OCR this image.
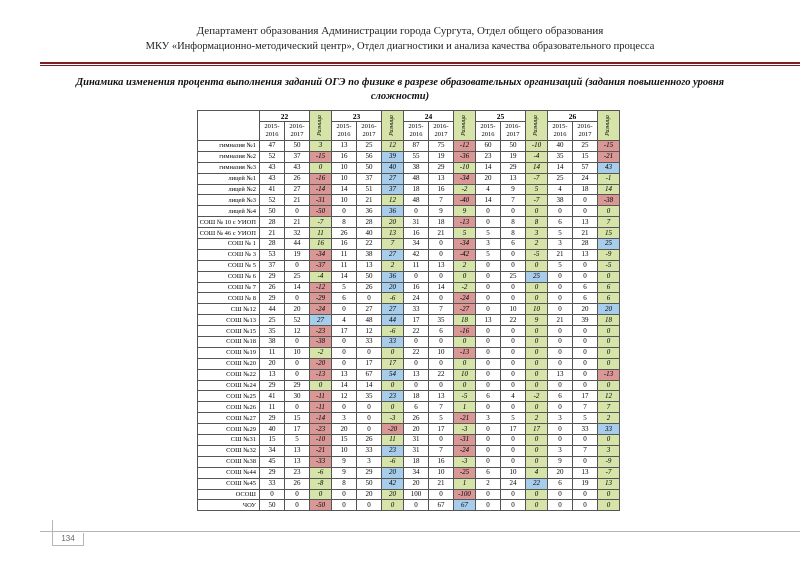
Департамент образования Администрации города Сургута, Отдел общего образования
МКУ «Информационно-методический центр», Отдел диагностики и анализа качества образовательного процесса
Динамика изменения процента выполнения заданий ОГЭ по физике в разрезе образовательных организаций (задания повышенного уровня сложности)
	22		Разница	23		Разница	24		Разница	25		Разница	26		Разница
	2015-2016	2016-2017		2015-2016	2016-2017		2015-2016	2016-2017		2015-2016	2016-2017		2015-2016	2016-2017	
гимназия №1	47	50	3	13	25	12	87	75	-12	60	50	-10	40	25	-15
гимназия №2	52	37	-15	16	56	39	55	19	-36	23	19	-4	35	15	-21
гимназия №3	43	43	0	10	50	40	38	29	-10	14	29	14	14	57	43
лицей №1	43	26	-16	10	37	27	48	13	-34	20	13	-7	25	24	-1
лицей №2	41	27	-14	14	51	37	18	16	-2	4	9	5	4	18	14
лицей №3	52	21	-31	10	21	12	48	7	-40	14	7	-7	38	0	-38
лицей №4	50	0	-50	0	36	36	0	9	9	0	0	0	0	0	0
СОШ № 10 с УИОП	28	21	-7	8	28	20	31	18	-13	0	8	8	6	13	7
СОШ № 46 с УИОП	21	32	11	26	40	13	16	21	5	5	8	3	5	21	15
СОШ № 1	28	44	16	16	22	7	34	0	-34	3	6	2	3	28	25
СОШ № 3	53	19	-34	11	38	27	42	0	-42	5	0	-5	21	13	-9
СОШ № 5	37	0	-37	11	13	2	11	13	2	0	0	0	5	0	-5
СОШ № 6	29	25	-4	14	50	36	0	0	0	0	25	25	0	0	0
СОШ № 7	26	14	-12	5	26	20	16	14	-2	0	0	0	0	6	6
СОШ № 8	29	0	-29	6	0	-6	24	0	-24	0	0	0	0	6	6
СШ №12	44	20	-24	0	27	27	33	7	-27	0	10	10	0	20	20
СОШ №13	25	52	27	4	48	44	17	35	18	13	22	9	21	39	18
СОШ №15	35	12	-23	17	12	-6	22	6	-16	0	0	0	0	0	0
СОШ №18	38	0	-38	0	33	33	0	0	0	0	0	0	0	0	0
СОШ №19	11	10	-2	0	0	0	22	10	-13	0	0	0	0	0	0
СОШ №20	20	0	-20	0	17	17	0	0	0	0	0	0	0	0	0
СОШ №22	13	0	-13	13	67	54	13	22	10	0	0	0	13	0	-13
СОШ №24	29	29	0	14	14	0	0	0	0	0	0	0	0	0	0
СОШ №25	41	30	-11	12	35	23	18	13	-5	6	4	-2	6	17	12
СОШ №26	11	0	-11	0	0	0	6	7	1	0	0	0	0	7	7
СОШ №27	29	15	-14	3	0	-3	26	5	-21	3	5	2	3	5	2
СОШ №29	40	17	-23	20	0	-20	20	17	-3	0	17	17	0	33	33
СШ №31	15	5	-10	15	26	11	31	0	-31	0	0	0	0	0	0
СОШ №32	34	13	-21	10	33	23	31	7	-24	0	0	0	3	7	3
СОШ №38	45	13	-33	9	3	-6	18	16	-3	0	0	0	9	0	-9
СОШ №44	29	23	-6	9	29	20	34	10	-25	6	10	4	20	13	-7
СОШ №45	33	26	-8	8	50	42	20	21	1	2	24	22	6	19	13
ОСОШ	0	0	0	0	20	20	100	0	-100	0	0	0	0	0	0
ЧОУ	50	0	-50	0	0	0	0	67	67	0	0	0	0	0	0
134
